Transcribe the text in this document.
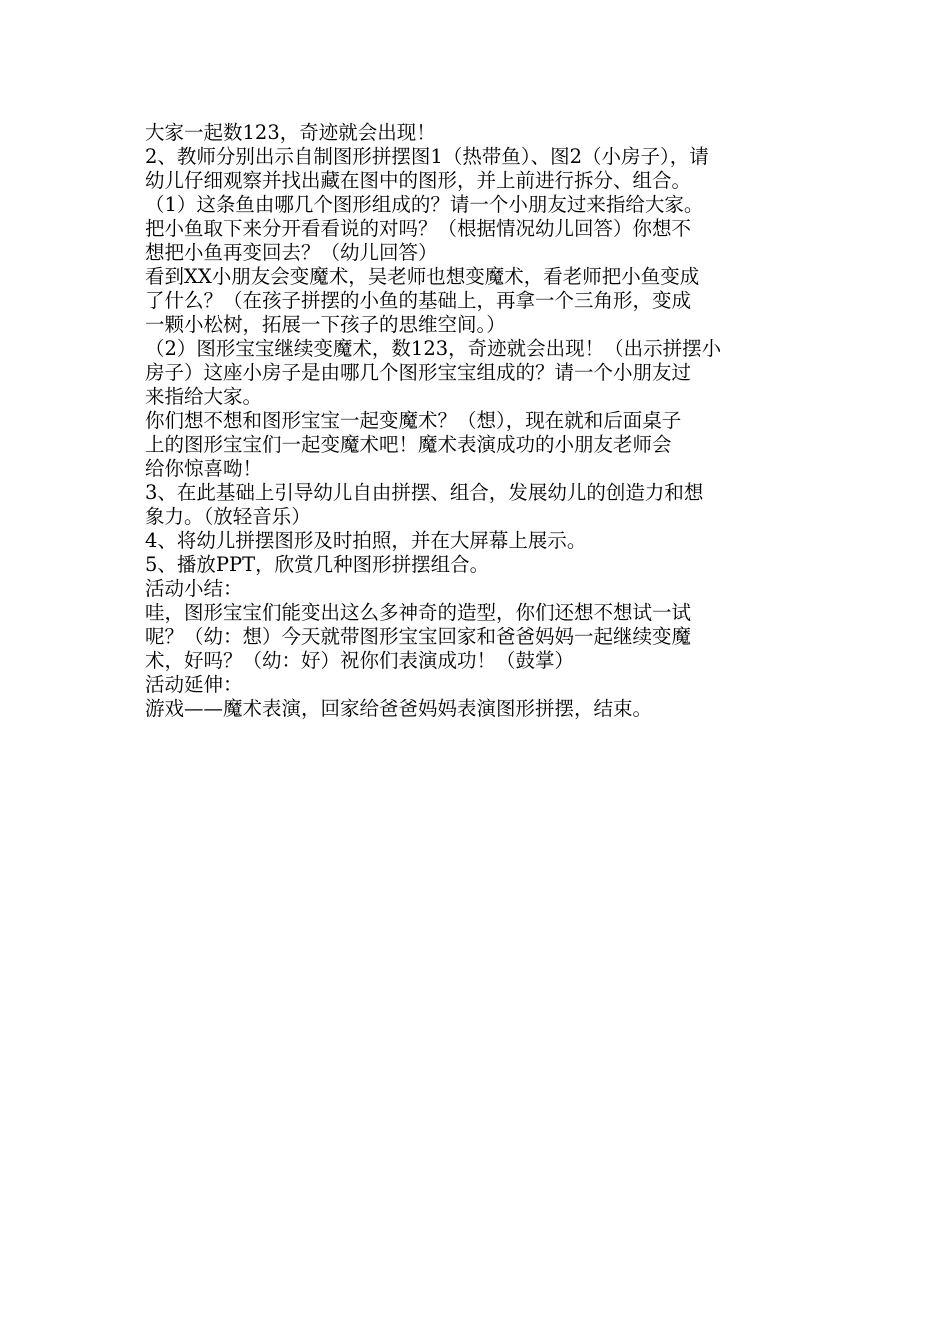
大家一起数123，奇迹就会出现！
2、教师分别出示自制图形拼摆图1（热带鱼）、图2（小房子），请
幼儿仔细观察并找出藏在图中的图形，并上前进行拆分、组合。
（1）这条鱼由哪几个图形组成的？请一个小朋友过来指给大家。
把小鱼取下来分开看看说的对吗？（根据情况幼儿回答）你想不
想把小鱼再变回去？（幼儿回答）
看到XX小朋友会变魔术，吴老师也想变魔术，看老师把小鱼变成
了什么？（在孩子拼摆的小鱼的基础上，再拿一个三角形，变成
一颗小松树，拓展一下孩子的思维空间。）
（2）图形宝宝继续变魔术，数123，奇迹就会出现！（出示拼摆小
房子）这座小房子是由哪几个图形宝宝组成的？请一个小朋友过
来指给大家。
你们想不想和图形宝宝一起变魔术？（想），现在就和后面桌子
上的图形宝宝们一起变魔术吧！魔术表演成功的小朋友老师会
给你惊喜呦！
3、在此基础上引导幼儿自由拼摆、组合，发展幼儿的创造力和想
象力。（放轻音乐）
4、将幼儿拼摆图形及时拍照，并在大屏幕上展示。
5、播放PPT，欣赏几种图形拼摆组合。
活动小结：
哇，图形宝宝们能变出这么多神奇的造型，你们还想不想试一试
呢？（幼：想）今天就带图形宝宝回家和爸爸妈妈一起继续变魔
术，好吗？（幼：好）祝你们表演成功！（鼓掌）
活动延伸：
游戏——魔术表演，回家给爸爸妈妈表演图形拼摆，结束。
